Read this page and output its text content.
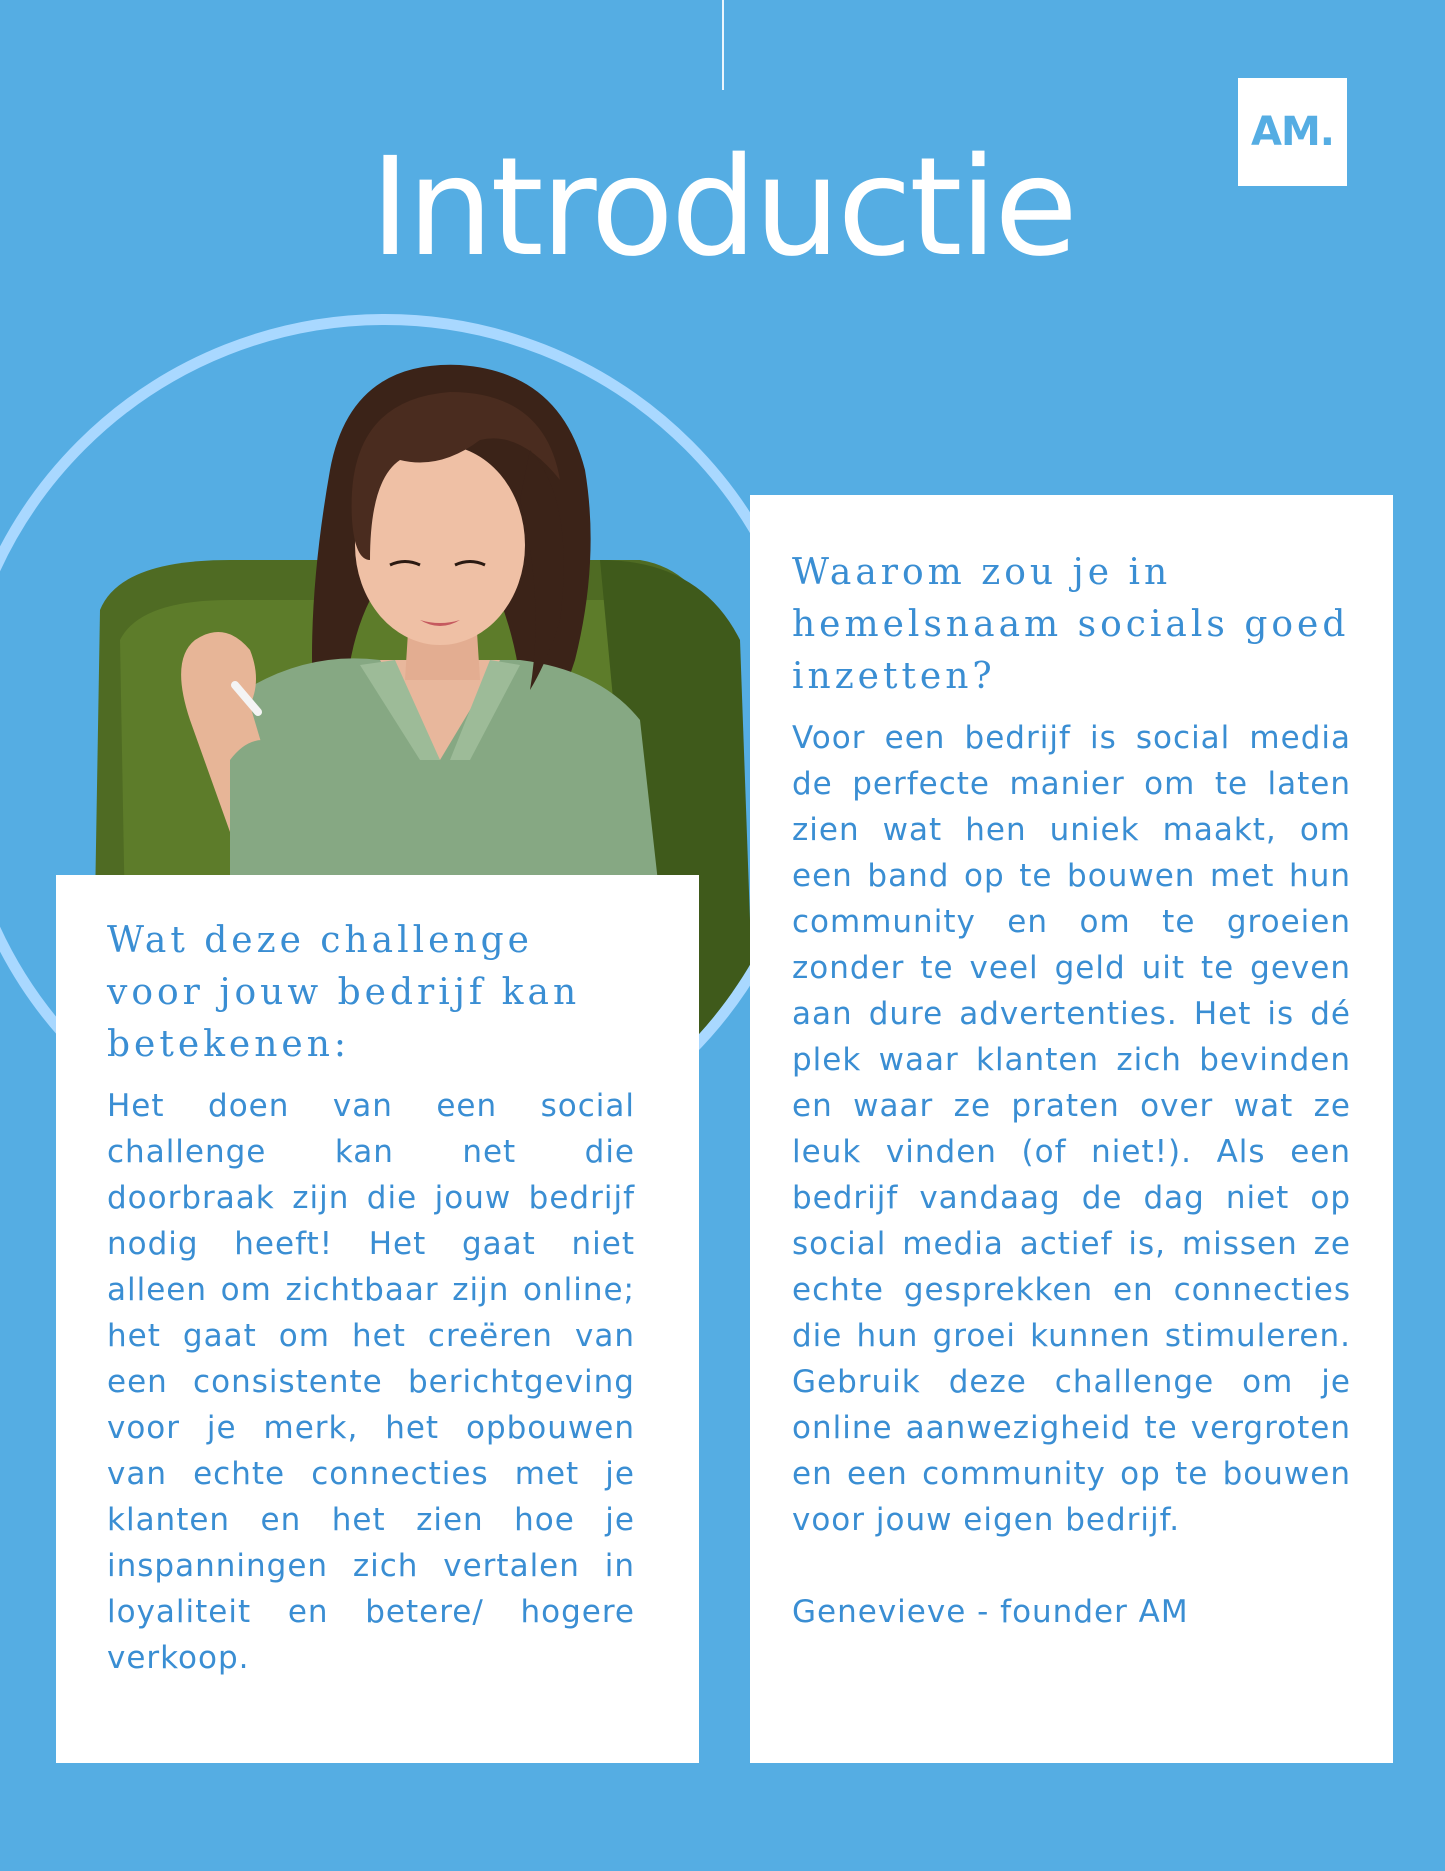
AM.
Introductie
Wat deze challenge voor jouw bedrijf kan betekenen:

Het doen van een social challenge kan net die doorbraak zijn die jouw bedrijf nodig heeft! Het gaat niet alleen om zichtbaar zijn online; het gaat om het creëren van een consistente berichtgeving voor je merk, het opbouwen van echte connecties met je klanten en het zien hoe je inspanningen zich vertalen in loyaliteit en betere/ hogere verkoop.

Waarom zou je in hemelsnaam socials goed inzetten?

Voor een bedrijf is social media de perfecte manier om te laten zien wat hen uniek maakt, om een band op te bouwen met hun community en om te groeien zonder te veel geld uit te geven aan dure advertenties. Het is dé plek waar klanten zich bevinden en waar ze praten over wat ze leuk vinden (of niet!). Als een bedrijf vandaag de dag niet op social media actief is, missen ze echte gesprekken en connecties die hun groei kunnen stimuleren. Gebruik deze challenge om je online aanwezigheid te vergroten en een community op te bouwen voor jouw eigen bedrijf.

Genevieve - founder AM
